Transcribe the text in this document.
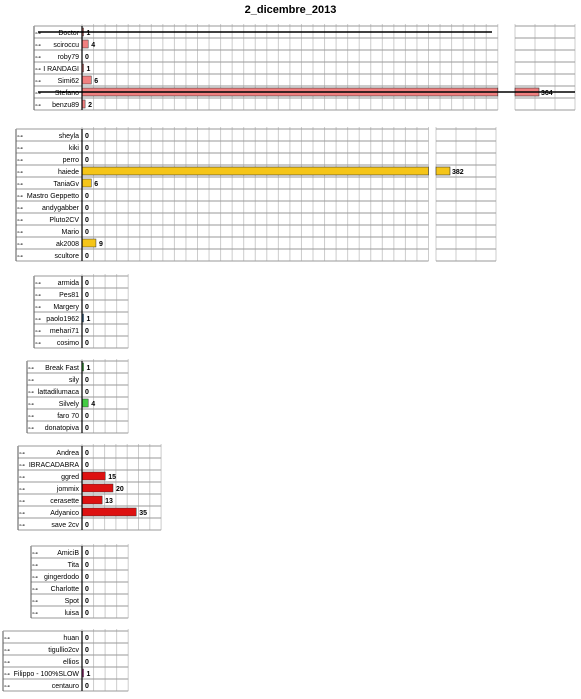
2_dicembre_2013
⊶ Doctor 1
⊶ sciroccu 4
⊶ roby79 0
⊶ I RANDAGI 1
⊶ Simi62 6
⊶ Stefano	364
⊶ benzu89 2
⊶	sheyla 0
⊶	kiki 0
⊶	perro 0
⊶	haiede	382
⊶	TaniaGv 6
⊶ Mastro Geppetto 0
⊶	andygabber 0
⊶	Pluto2CV 0
⊶	Mario 0
⊶	ak2008	9
⊶	scultore 0
⊶ armida 0
⊶	Pes81 0
⊶ Margery 0
⊶ paolo1962 1
⊶ mehari71 0
⊶ cosimo 0
⊶ Break Fast 1
⊶	sily 0
⊶ lattadilumaca 0
⊶	Silvely 4
⊶	faro 70 0
⊶ donatopiva 0
⊶	Andrea 0
⊶ IBRACADABRA 0
⊶	ggred	15
⊶	jommix	20
⊶	cerasette	13
⊶	Adyanico	35
⊶	save 2cv 0
⊶	AmiciB 0
⊶	Tita 0
⊶ gingerdodo 0
⊶ Charlotte 0
⊶	Spot 0
⊶	luisa 0
⊶	huan 0
⊶	tigullio2cv 0
⊶	ellios 0
⊶ Filippo - 100%SLOW 1
⊶	centauro 0
